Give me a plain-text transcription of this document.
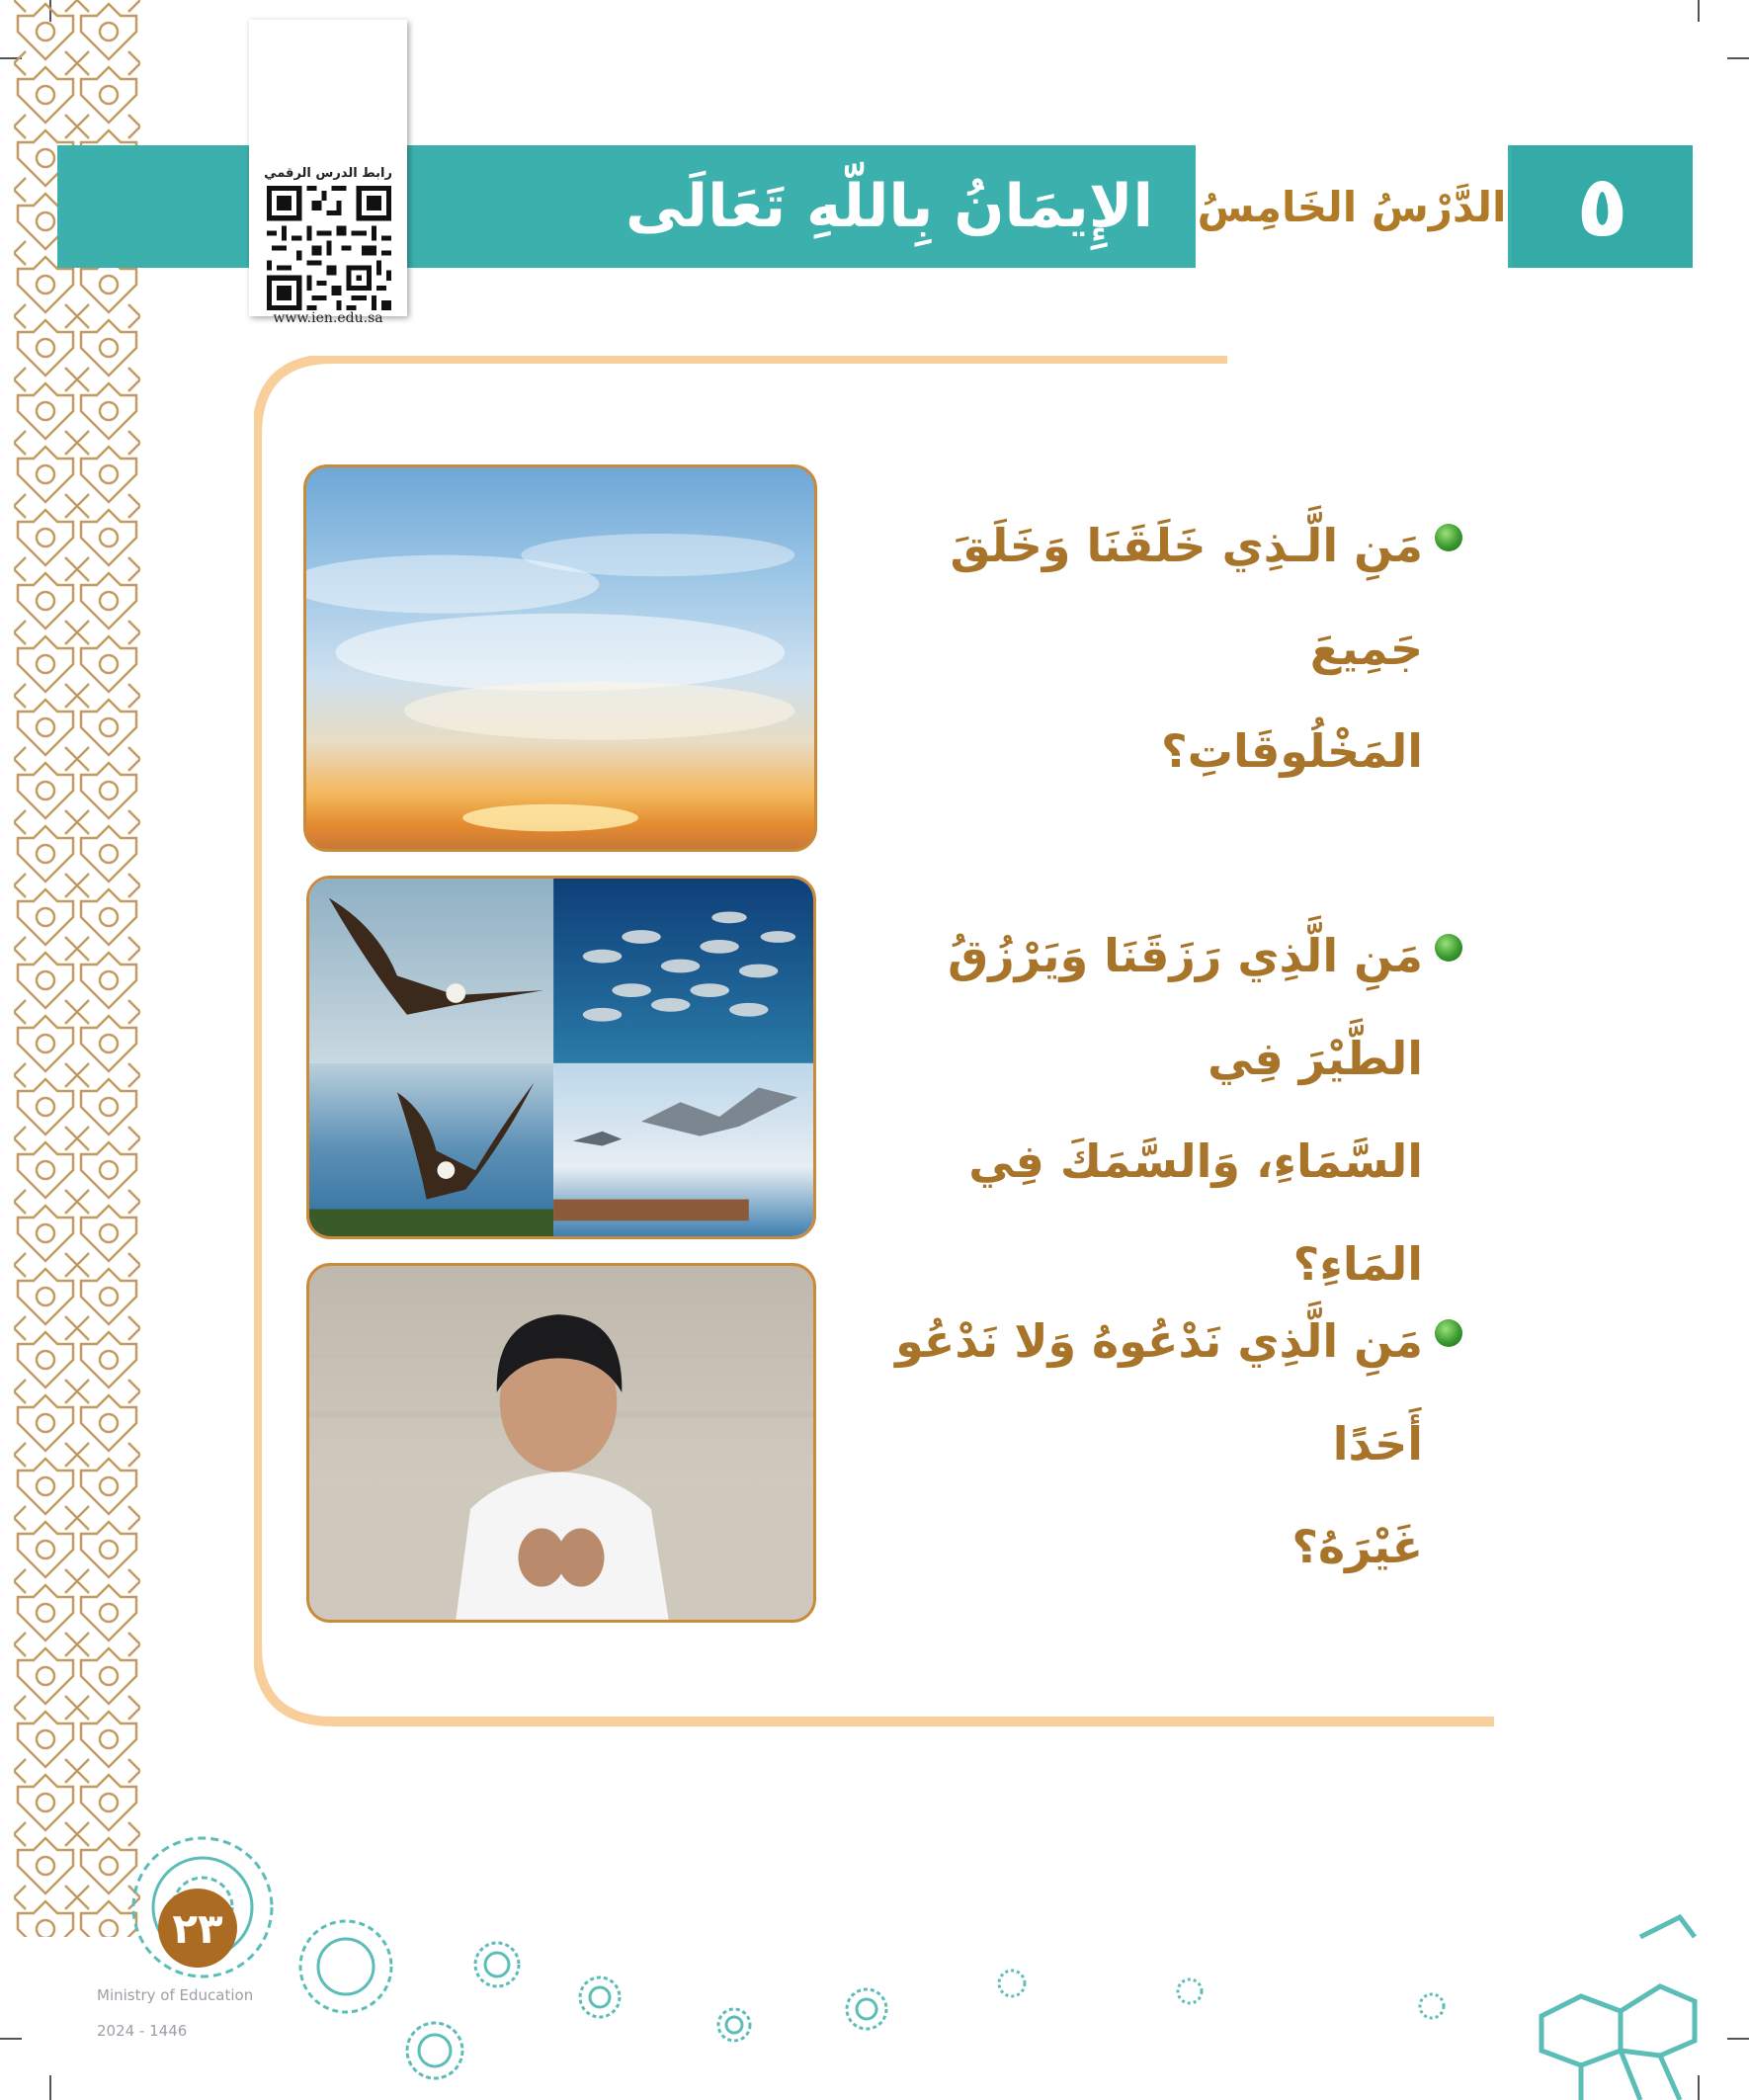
٥
الدَّرْسُ الخَامِسُ
الإِيمَانُ بِاللّهِ تَعَالَى
رابط الدرس الرقمي
www.ien.edu.sa
مَنِ الَّـذِي خَلَقَنَا وَخَلَقَ جَمِيعَ
المَخْلُوقَاتِ؟
مَنِ الَّذِي رَزَقَنَا وَيَرْزُقُ الطَّيْرَ فِي
السَّمَاءِ، وَالسَّمَكَ فِي المَاءِ؟
مَنِ الَّذِي نَدْعُوهُ وَلا نَدْعُو أَحَدًا
غَيْرَهُ؟
٢٣
Ministry of Education
2024 - 1446
